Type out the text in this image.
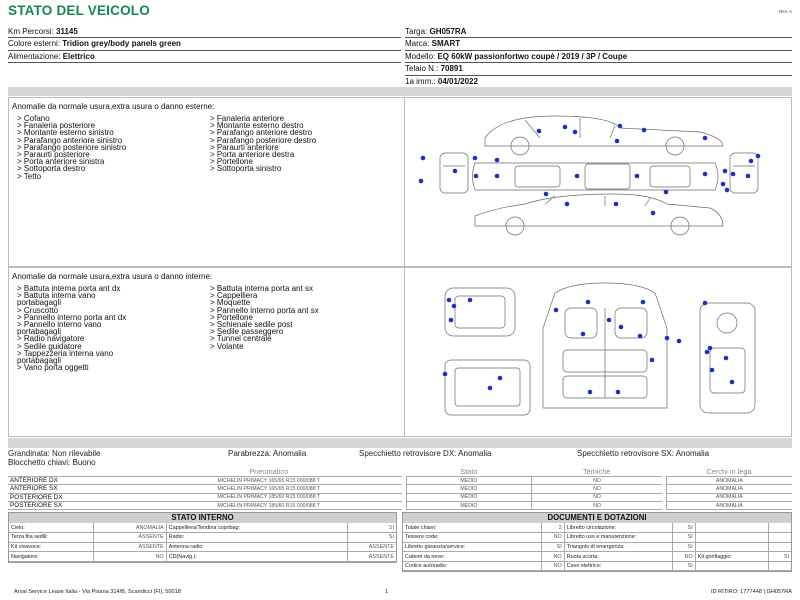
STATO DEL VEICOLO	Rev. A
Km Percorsi: 31145
Colore esterni: Tridion grey/body panels green
Alimentazione: Elettrico
Targa: GH057RA
Marca: SMART
Modello: EQ 60kW passionfortwo coupè / 2019 / 3P / Coupe
Telaio N.: 70891
1a imm.: 04/01/2022
Anomalie da normale usura,extra usura o danno esterne:
> Cofano
> Fanaleria posteriore
> Montante esterno sinistro
> Parafango anteriore sinistro
> Parafango posteriore sinistro
> Paraurti posteriore
> Porta anteriore sinistra
> Sottoporta destro
> Tetto
> Fanaleria anteriore
> Montante esterno destro
> Parafango anteriore destro
> Parafango posteriore destro
> Paraurti anteriore
> Porta anteriore destra
> Portellone
> Sottoporta sinistro
Anomalie da normale usura,extra usura o danno interne:
> Battuta interna porta ant dx
> Battuta interna vano
portabagagli
> Cruscotto
> Pannello interno porta ant dx
> Pannello interno vano
portabagagli
> Radio navigatore
> Sedile guidatore
> Tappezzeria interna vano
portabagagli
> Vano porta oggetti
> Battuta interna porta ant sx
> Cappelliera
> Moquette
> Pannello interno porta ant sx
> Portellone
> Schienale sedile post
> Sedile passeggero
> Tunnel centrale
> Volante
Grandinata: Non rilevabile	Parabrezza: Anomalia	Specchietto retrovisore DX: Anomalia	Specchietto retrovisore SX: Anomalia
Blocchetto chiavi: Buono
	Pneumatico		Stato	Temiche		Cerchi in lega
ANTERIORE DX	MICHELIN PRIMACY 165/65 R15 000/088 T		MEDIO	NO		ANOMALIA
ANTERIORE SX	MICHELIN PRIMACY 165/65 R15 000/088 T		MEDIO	NO		ANOMALIA
POSTERIORE DX	MICHELIN PRIMACY 185/60 R15 000/088 T		MEDIO	NO		ANOMALIA
POSTERIORE SX	MICHELIN PRIMACY 185/60 R15 000/088 T		MEDIO	NO		ANOMALIA
STATO INTERNO
Cielo:	ANOMALIA	Cappelliera/Tendina copribag:	SI
Terza fila sedili:	ASSENTE	Radio:	SI
Kit vivavoce:	ASSENTE	Antenna radio:	ASSENTE
Navigatore:	NO	CD(Navig.):	ASSENTE
DOCUMENTI E DOTAZIONI
Totale chiavi:	2	Libretto circolazione:	SI		
Tessere code:	NO	Libretto uso e manutenzione:	SI		
Libretto garanzia/service:	SI	Triangolo di emergenza:	SI		
Catene da neve:	NO	Ruota scorta:	NO	Kit gonfiaggio:	SI
Codice autoradio:	NO	Cavo elettrico:	SI		
Arval Service Lease Italia - Via Pisana 314/B, Scandicci (FI), 50018	1	ID RITIRO: 1777448 | GH057RA
